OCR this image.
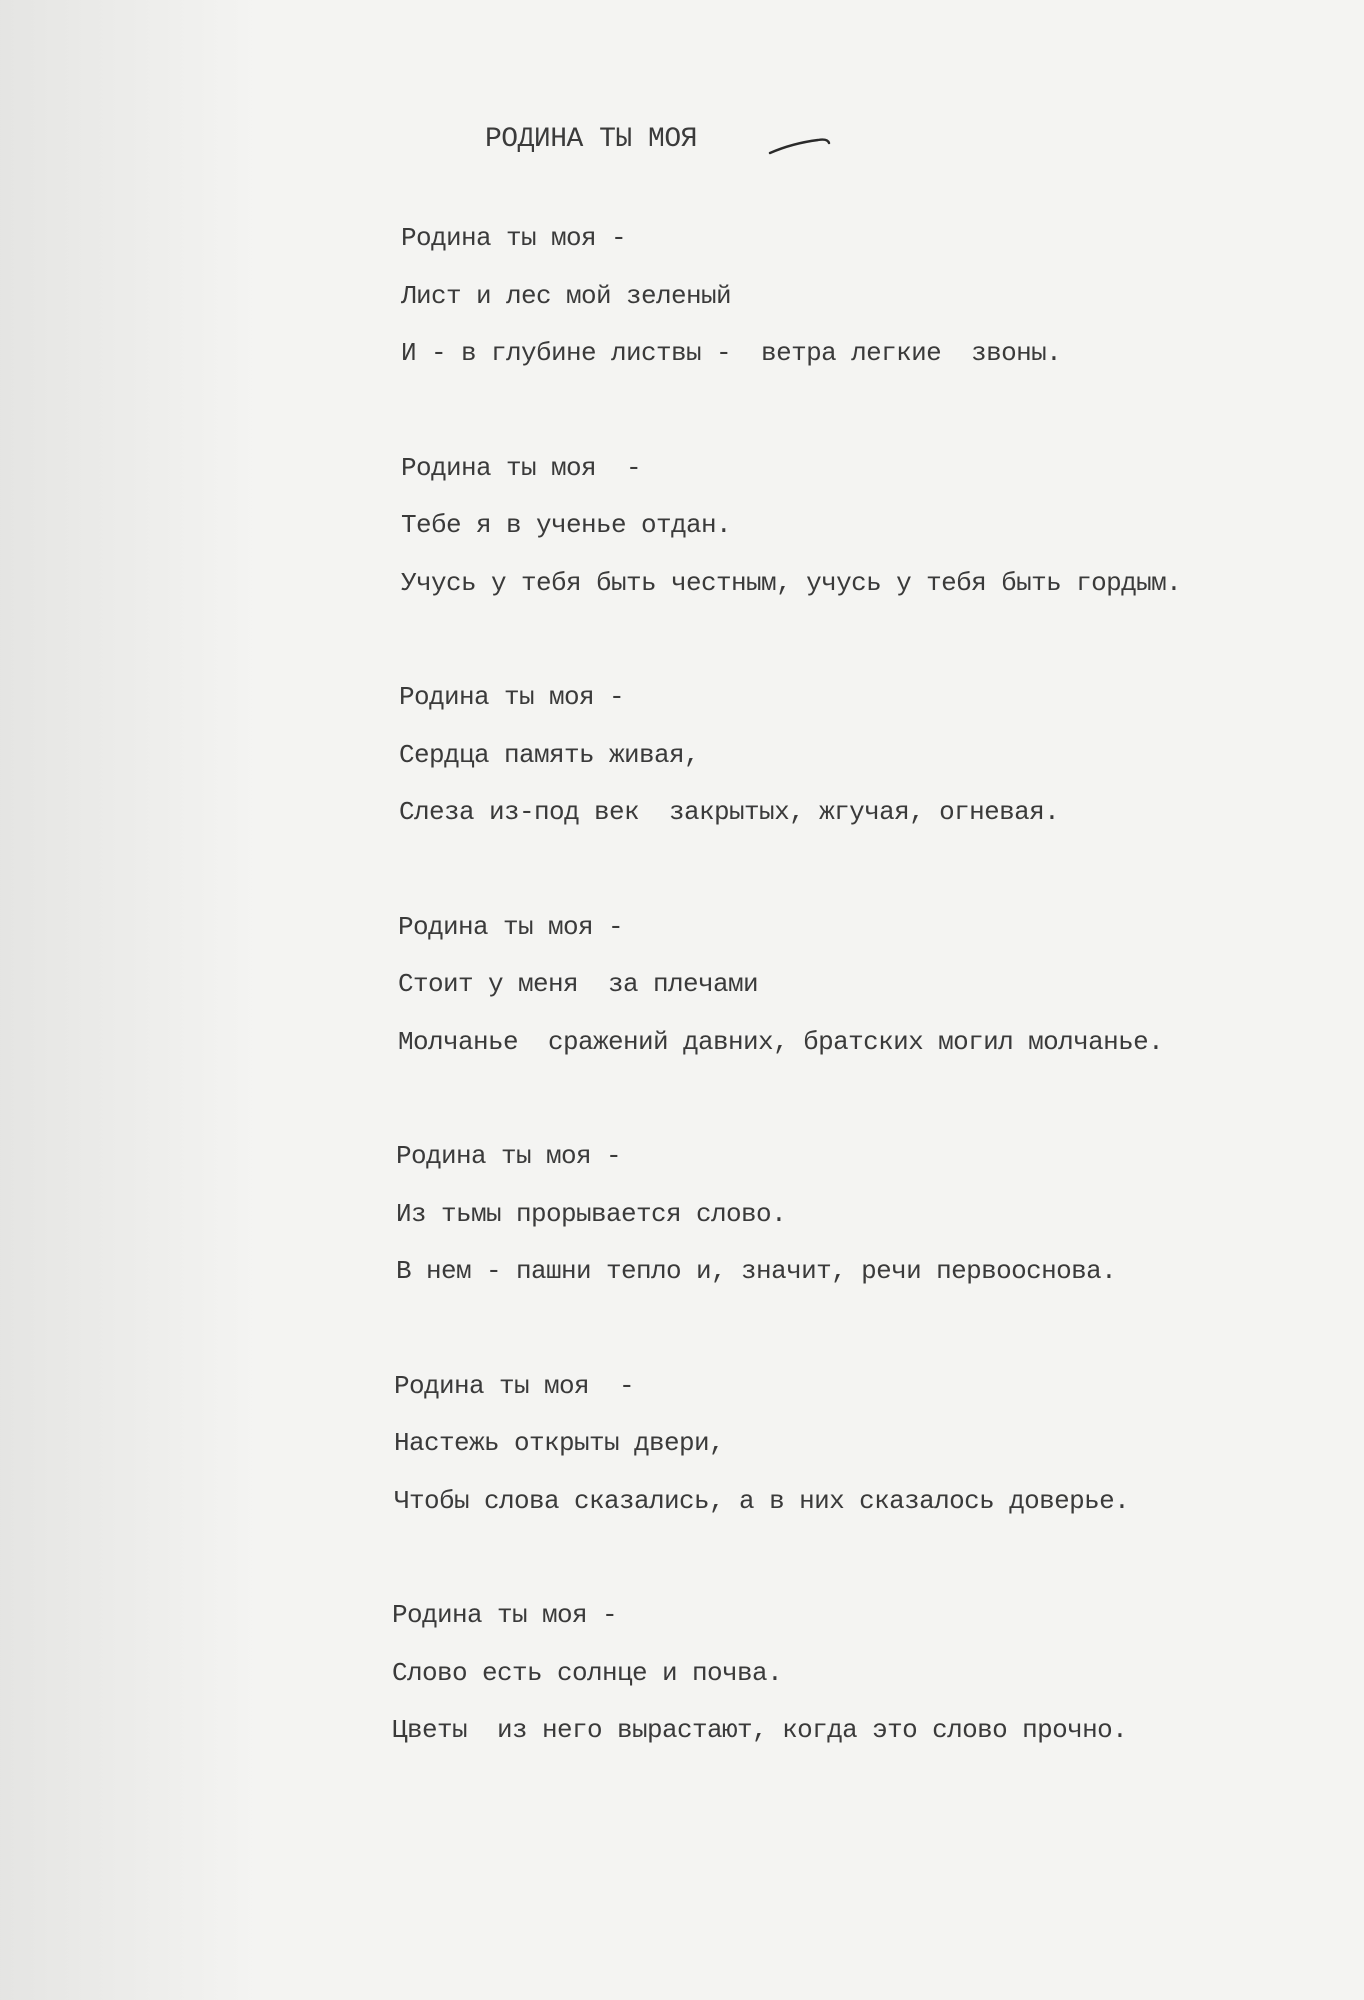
РОДИНА ТЫ МОЯ
Родина ты моя -
Лист и лес мой зеленый
И - в глубине листвы -  ветра легкие  звоны.
Родина ты моя  -
Тебе я в ученье отдан.
Учусь у тебя быть честным, учусь у тебя быть гордым.
Родина ты моя -
Сердца память живая,
Слеза из-под век  закрытых, жгучая, огневая.
Родина ты моя -
Стоит у меня  за плечами
Молчанье  сражений давних, братских могил молчанье.
Родина ты моя -
Из тьмы прорывается слово.
В нем - пашни тепло и, значит, речи первооснова.
Родина ты моя  -
Настежь открыты двери,
Чтобы слова сказались, а в них сказалось доверье.
Родина ты моя -
Слово есть солнце и почва.
Цветы  из него вырастают, когда это слово прочно.
